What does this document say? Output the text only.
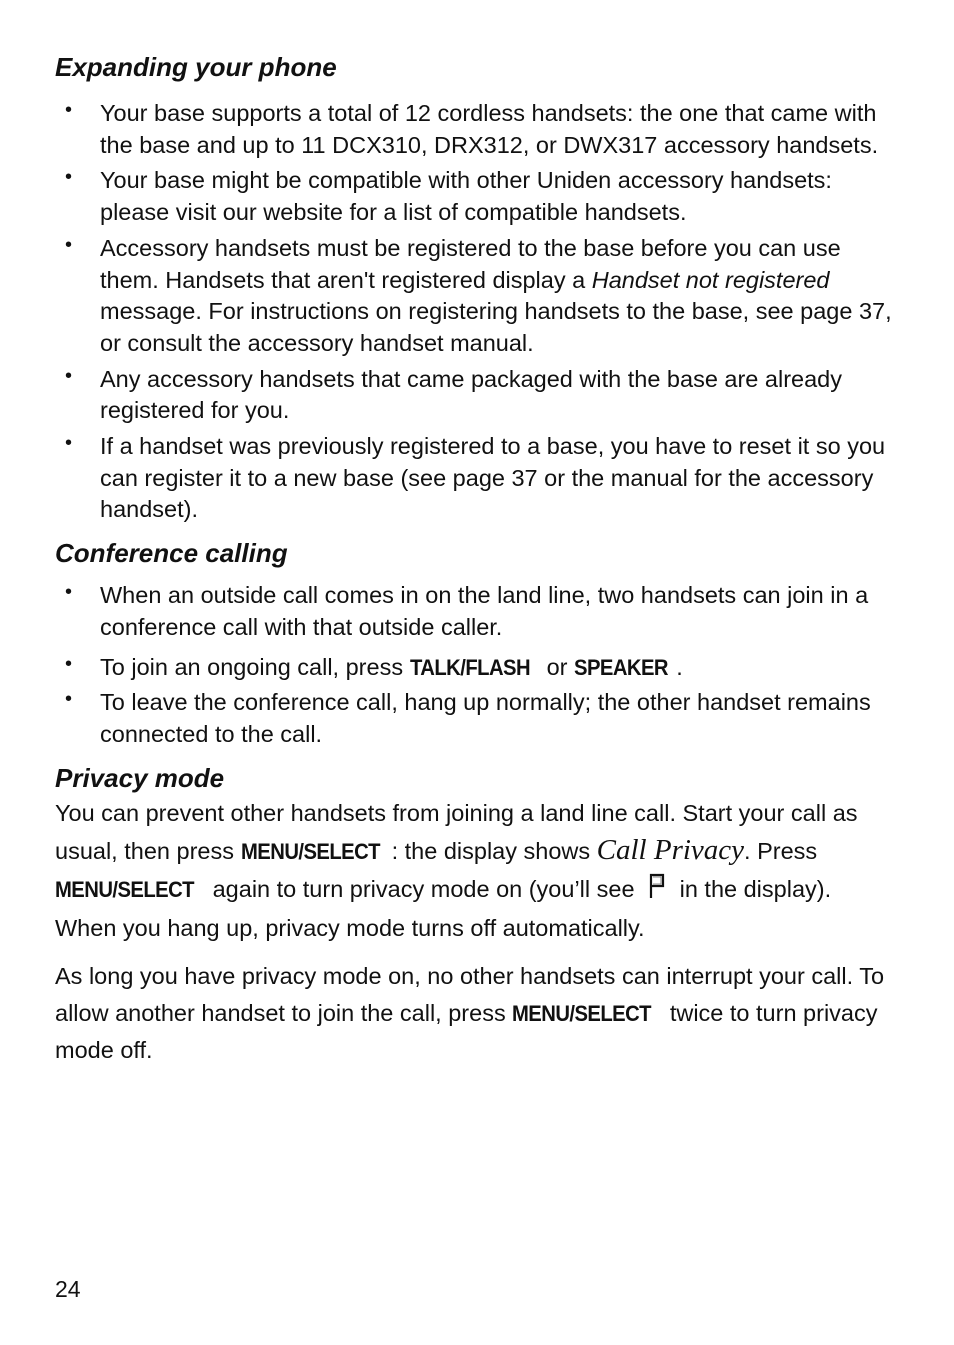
Expanding your phone
• Your base supports a total of 12 cordless handsets: the one that came with the base and up to 11 DCX310, DRX312, or DWX317 accessory handsets.
• Your base might be compatible with other Uniden accessory handsets: please visit our website for a list of compatible handsets.
• Accessory handsets must be registered to the base before you can use them. Handsets that aren't registered display a Handset not registered message. For instructions on registering handsets to the base, see page 37, or consult the accessory handset manual.
• Any accessory handsets that came packaged with the base are already registered for you.
• If a handset was previously registered to a base, you have to reset it so you can register it to a new base (see page 37 or the manual for the accessory handset).
Conference calling
• When an outside call comes in on the land line, two handsets can join in a conference call with that outside caller.
• To join an ongoing call, press TALK/FLASH or SPEAKER .
• To leave the conference call, hang up normally; the other handset remains connected to the call.
Privacy mode

You can prevent other handsets from joining a land line call. Start your call as usual, then press MENU/SELECT : the display shows Call Privacy. Press MENU/SELECT again to turn privacy mode on (you’ll see  in the display). When you hang up, privacy mode turns off automatically.

As long you have privacy mode on, no other handsets can interrupt your call. To allow another handset to join the call, press MENU/SELECT twice to turn privacy mode off.

24
